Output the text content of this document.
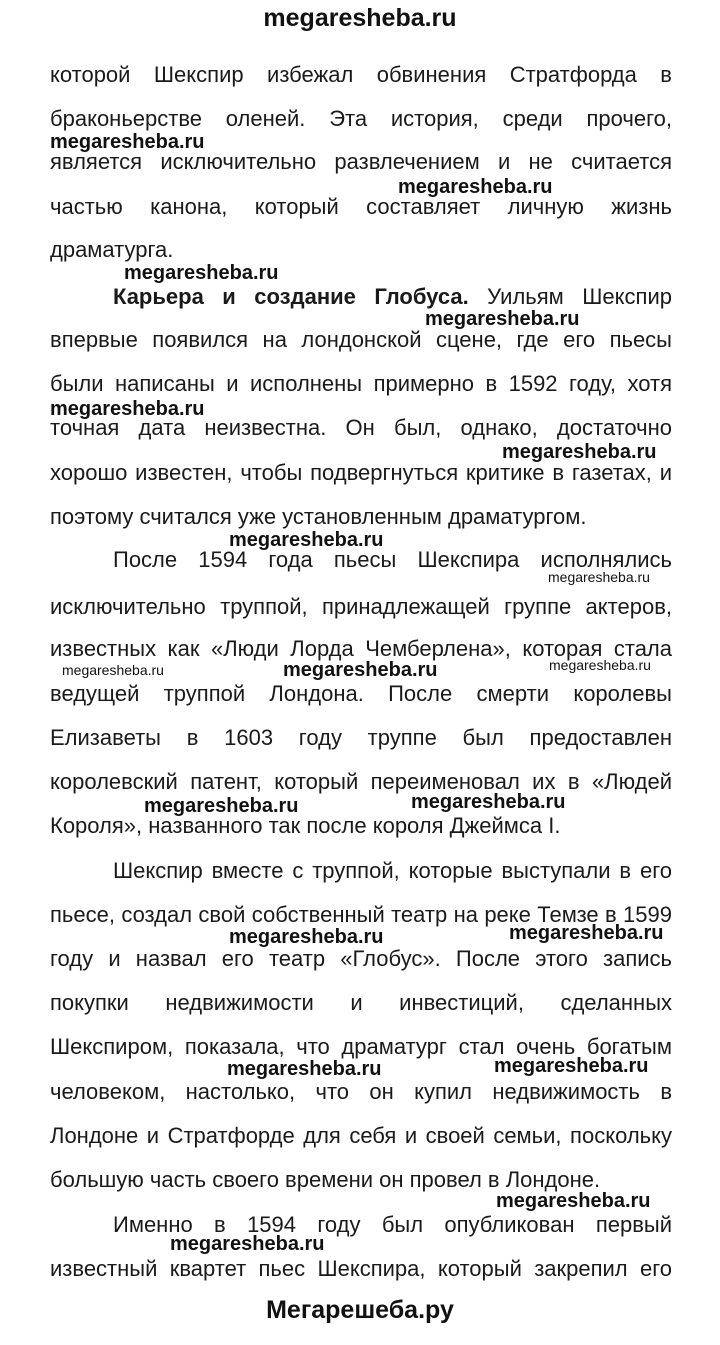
megaresheba.ru
которой Шекспир избежал обвинения Стратфорда в
браконьерстве оленей. Эта история, среди прочего,
является исключительно развлечением и не считается
частью канона, который составляет личную жизнь
драматурга.
Карьера и создание Глобуса. Уильям Шекспир
впервые появился на лондонской сцене, где его пьесы
были написаны и исполнены примерно в 1592 году, хотя
точная дата неизвестна. Он был, однако, достаточно
хорошо известен, чтобы подвергнуться критике в газетах, и
поэтому считался уже установленным драматургом.
После 1594 года пьесы Шекспира исполнялись
исключительно труппой, принадлежащей группе актеров,
известных как «Люди Лорда Чемберлена», которая стала
ведущей труппой Лондона. После смерти королевы
Елизаветы в 1603 году труппе был предоставлен
королевский патент, который переименовал их в «Людей
Короля», названного так после короля Джеймса I.
Шекспир вместе с труппой, которые выступали в его
пьесе, создал свой собственный театр на реке Темзе в 1599
году и назвал его театр «Глобус». После этого запись
покупки недвижимости и инвестиций, сделанных
Шекспиром, показала, что драматург стал очень богатым
человеком, настолько, что он купил недвижимость в
Лондоне и Стратфорде для себя и своей семьи, поскольку
большую часть своего времени он провел в Лондоне.
Именно в 1594 году был опубликован первый
известный квартет пьес Шекспира, который закрепил его
megaresheba.ru
megaresheba.ru
megaresheba.ru
megaresheba.ru
megaresheba.ru
megaresheba.ru
megaresheba.ru
megaresheba.ru
megaresheba.ru	megaresheba.ru	megaresheba.ru
megaresheba.ru	megaresheba.ru
megaresheba.ru	megaresheba.ru
megaresheba.ru	megaresheba.ru
megaresheba.ru
megaresheba.ru
Мегарешеба.ру
